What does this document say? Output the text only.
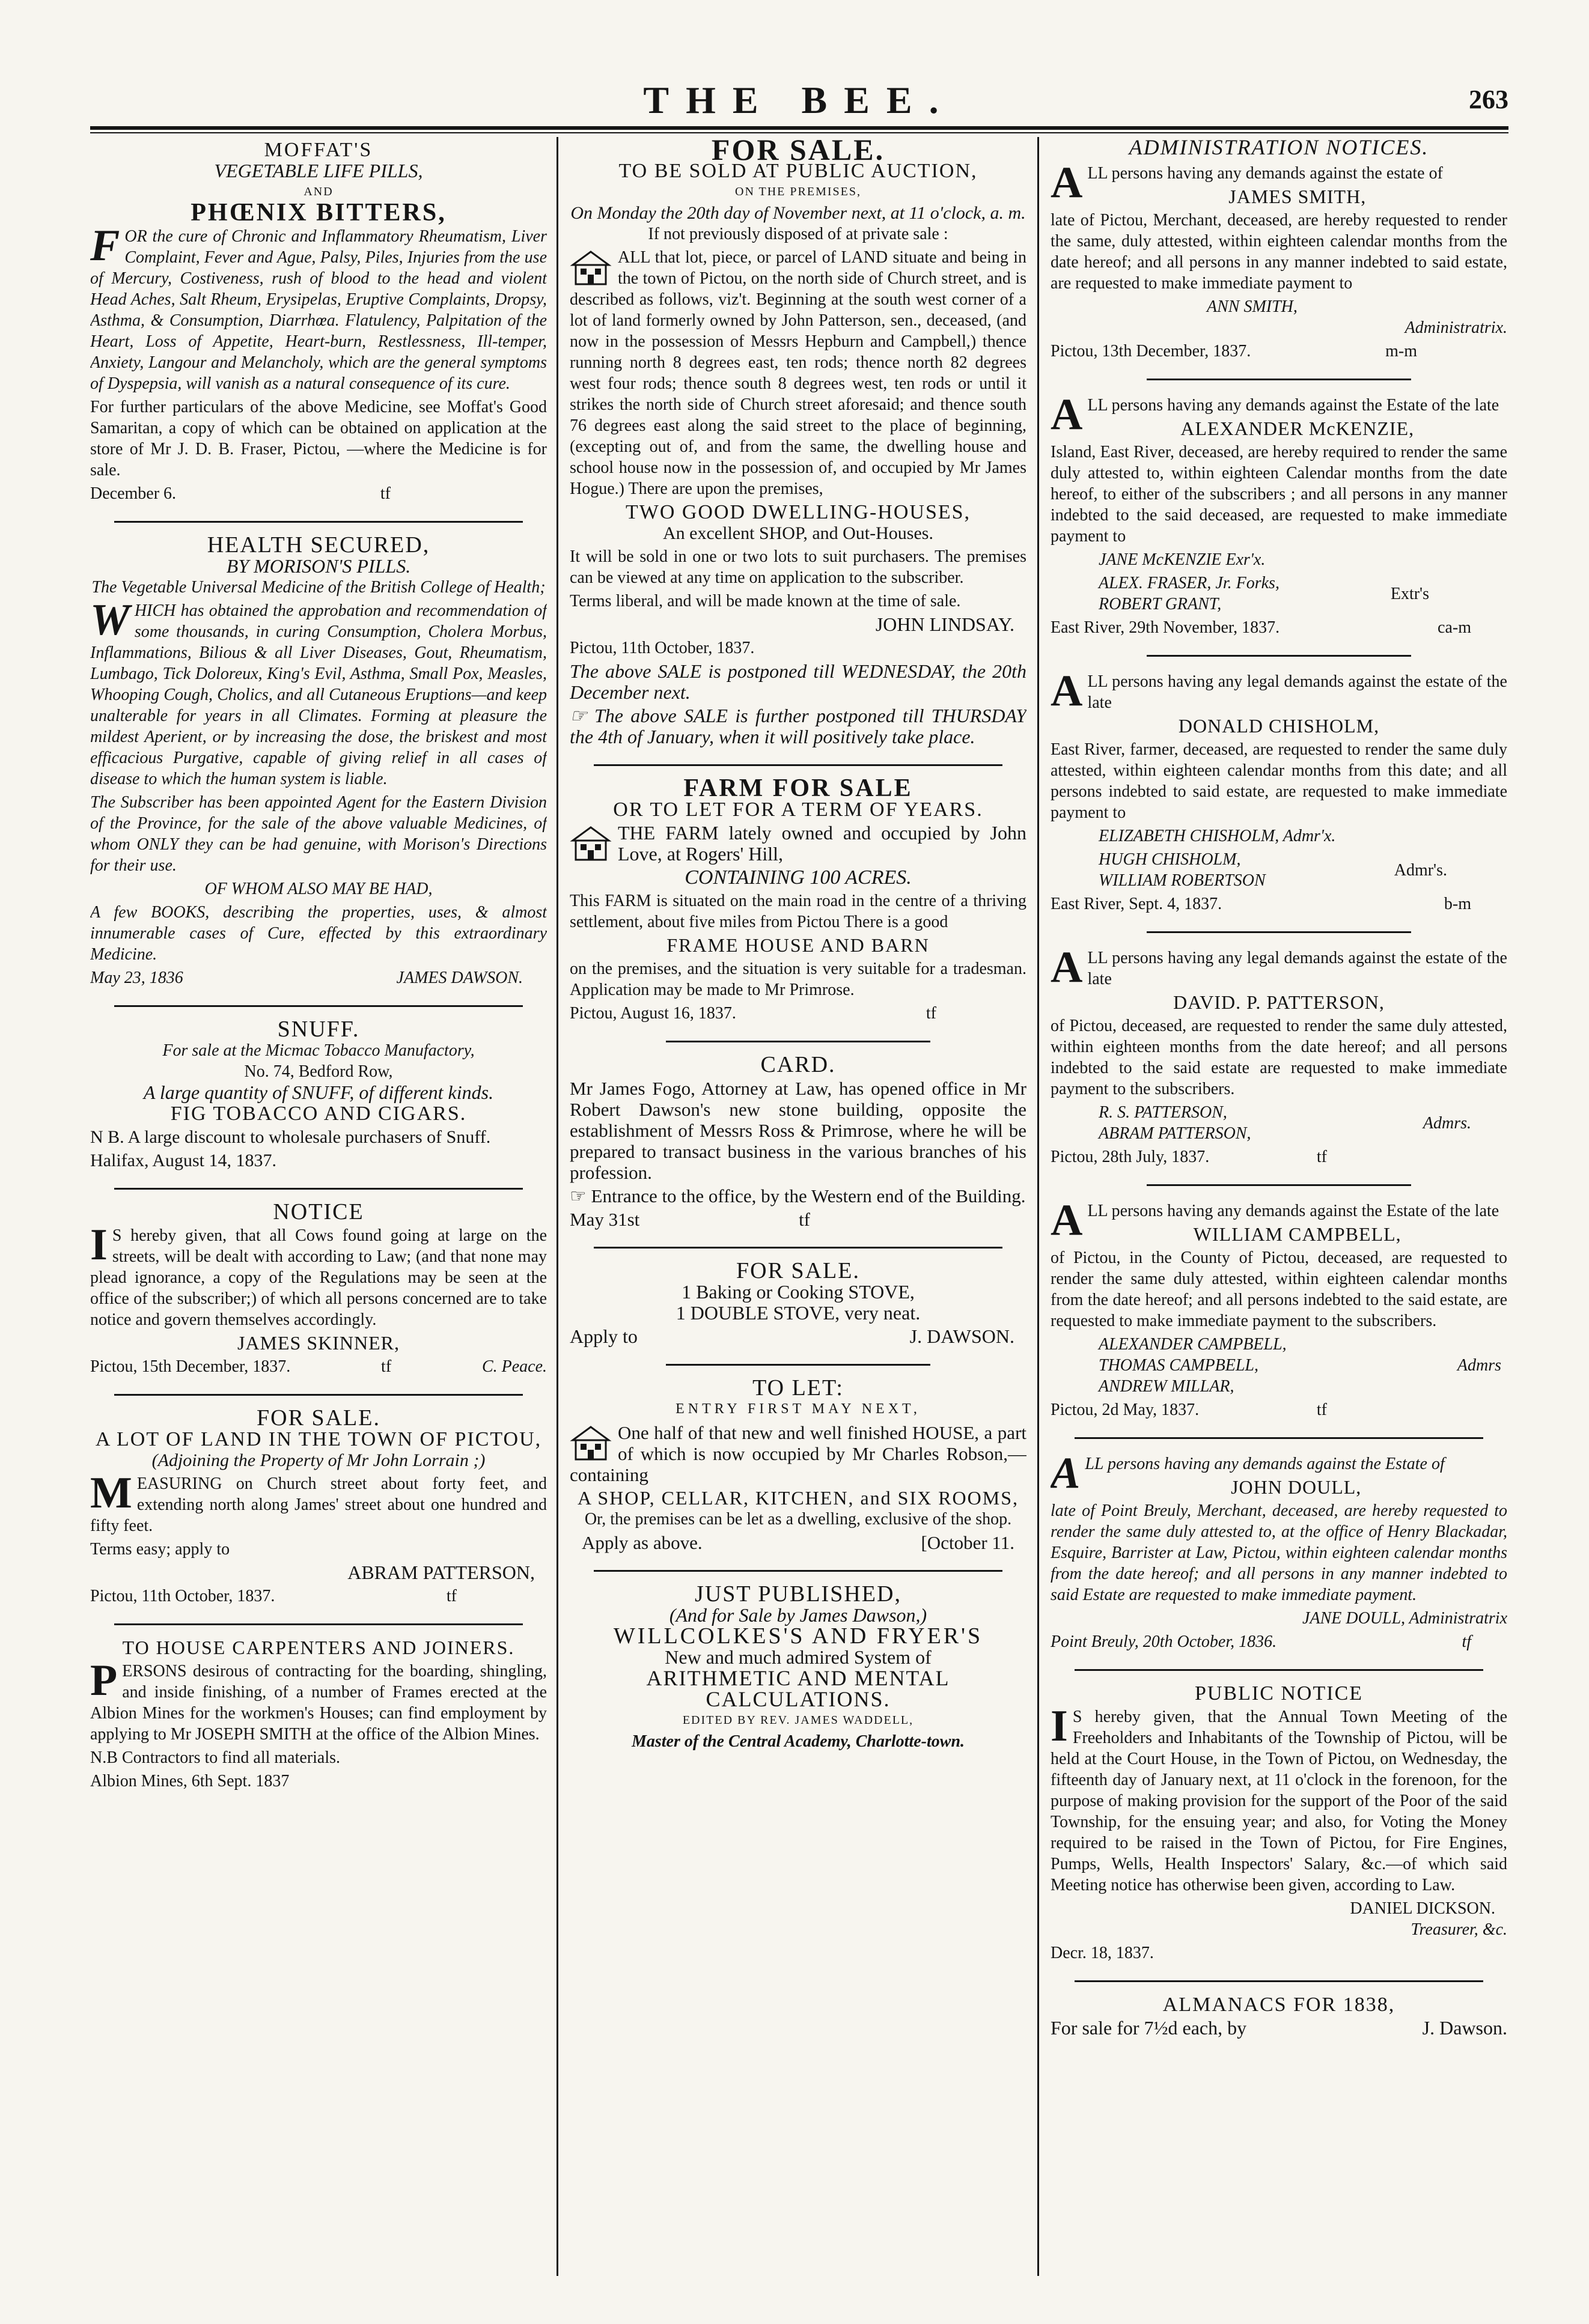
THE BEE.	263
MOFFAT'S
VEGETABLE LIFE PILLS,
AND
PHŒNIX BITTERS,
FOR the cure of Chronic and Inflammatory Rheumatism, Liver Complaint, Fever and Ague, Palsy, Piles, Injuries from the use of Mercury, Costiveness, rush of blood to the head and violent Head Aches, Salt Rheum, Erysipelas, Eruptive Complaints, Dropsy, Asthma, & Consumption, Diarrhœa. Flatulency, Palpitation of the Heart, Loss of Appetite, Heart-burn, Restlessness, Ill-temper, Anxiety, Langour and Melancholy, which are the general symptoms of Dyspepsia, will vanish as a natural consequence of its cure.
For further particulars of the above Medicine, see Moffat's Good Samaritan, a copy of which can be obtained on application at the store of Mr J. D. B. Fraser, Pictou, —where the Medicine is for sale.
December 6.	tf
HEALTH SECURED,
BY MORISON'S PILLS.
The Vegetable Universal Medicine of the British College of Health;
WHICH has obtained the approbation and recommendation of some thousands, in curing Consumption, Cholera Morbus, Inflammations, Bilious & all Liver Diseases, Gout, Rheumatism, Lumbago, Tick Doloreux, King's Evil, Asthma, Small Pox, Measles, Whooping Cough, Cholics, and all Cutaneous Eruptions—and keep unalterable for years in all Climates. Forming at pleasure the mildest Aperient, or by increasing the dose, the briskest and most efficacious Purgative, capable of giving relief in all cases of disease to which the human system is liable.
The Subscriber has been appointed Agent for the Eastern Division of the Province, for the sale of the above valuable Medicines, of whom ONLY they can be had genuine, with Morison's Directions for their use.
OF WHOM ALSO MAY BE HAD,
A few BOOKS, describing the properties, uses, & almost innumerable cases of Cure, effected by this extraordinary Medicine.
May 23, 1836	JAMES DAWSON.
SNUFF.
For sale at the Micmac Tobacco Manufactory,
No. 74, Bedford Row,
A large quantity of SNUFF, of different kinds.
FIG TOBACCO AND CIGARS.
N B. A large discount to wholesale purchasers of Snuff.
Halifax, August 14, 1837.
NOTICE
I S hereby given, that all Cows found going at large on the streets, will be dealt with according to Law; (and that none may plead ignorance, a copy of the Regulations may be seen at the office of the subscriber;) of which all persons concerned are to take notice and govern themselves accordingly.
JAMES SKINNER,
Pictou, 15th December, 1837.	tf	C. Peace.
FOR SALE.
A LOT OF LAND IN THE TOWN OF PICTOU,
(Adjoining the Property of Mr John Lorrain ;)
MEASURING on Church street about forty feet, and extending north along James' street about one hundred and fifty feet.
Terms easy; apply to
ABRAM PATTERSON,
Pictou, 11th October, 1837.	tf
TO HOUSE CARPENTERS AND JOINERS.
PERSONS desirous of contracting for the boarding, shingling, and inside finishing, of a number of Frames erected at the Albion Mines for the workmen's Houses; can find employment by applying to Mr JOSEPH SMITH at the office of the Albion Mines.
N.B Contractors to find all materials.
Albion Mines, 6th Sept. 1837
FOR SALE.
TO BE SOLD AT PUBLIC AUCTION,
ON THE PREMISES,
On Monday the 20th day of November next, at 11 o'clock, a. m.
If not previously disposed of at private sale :
ALL that lot, piece, or parcel of LAND situate and being in the town of Pictou, on the north side of Church street, and is described as follows, viz't. Beginning at the south west corner of a lot of land formerly owned by John Patterson, sen., deceased, (and now in the possession of Messrs Hepburn and Campbell,) thence running north 8 degrees east, ten rods; thence north 82 degrees west four rods; thence south 8 degrees west, ten rods or until it strikes the north side of Church street aforesaid; and thence south 76 degrees east along the said street to the place of beginning, (excepting out of, and from the same, the dwelling house and school house now in the possession of, and occupied by Mr James Hogue.) There are upon the premises,
TWO GOOD DWELLING-HOUSES,
An excellent SHOP, and Out-Houses.
It will be sold in one or two lots to suit purchasers. The premises can be viewed at any time on application to the subscriber.
Terms liberal, and will be made known at the time of sale.
JOHN LINDSAY.
Pictou, 11th October, 1837.
The above SALE is postponed till WEDNESDAY, the 20th December next.
☞ The above SALE is further postponed till THURSDAY the 4th of January, when it will positively take place.
FARM FOR SALE
OR TO LET FOR A TERM OF YEARS.
THE FARM lately owned and occupied by John Love, at Rogers' Hill,
CONTAINING 100 ACRES.
This FARM is situated on the main road in the centre of a thriving settlement, about five miles from Pictou There is a good
FRAME HOUSE AND BARN
on the premises, and the situation is very suitable for a tradesman. Application may be made to Mr Primrose.
Pictou, August 16, 1837.	tf
CARD.
Mr James Fogo, Attorney at Law, has opened office in Mr Robert Dawson's new stone building, opposite the establishment of Messrs Ross & Primrose, where he will be prepared to transact business in the various branches of his profession.
☞ Entrance to the office, by the Western end of the Building.
May 31st	tf
FOR SALE.
1 Baking or Cooking STOVE,
1 DOUBLE STOVE, very neat.
Apply to	J. DAWSON.
TO LET:
ENTRY FIRST MAY NEXT,
One half of that new and well finished HOUSE, a part of which is now occupied by Mr Charles Robson,—containing
A SHOP, CELLAR, KITCHEN, and SIX ROOMS,
Or, the premises can be let as a dwelling, exclusive of the shop.
Apply as above.	[October 11.
JUST PUBLISHED,
(And for Sale by James Dawson,)
WILLCOLKES'S AND FRYER'S
New and much admired System of
ARITHMETIC AND MENTAL CALCULATIONS.
EDITED BY REV. JAMES WADDELL,
Master of the Central Academy, Charlotte-town.
ADMINISTRATION NOTICES.
ALL persons having any demands against the estate of
JAMES SMITH,
late of Pictou, Merchant, deceased, are hereby requested to render the same, duly attested, within eighteen calendar months from the date hereof; and all persons in any manner indebted to said estate, are requested to make immediate payment to
ANN SMITH,
Administratrix.
Pictou, 13th December, 1837.	m-m
ALL persons having any demands against the Estate of the late
ALEXANDER McKENZIE,
Island, East River, deceased, are hereby required to render the same duly attested to, within eighteen Calendar months from the date hereof, to either of the subscribers ; and all persons in any manner indebted to the said deceased, are requested to make immediate payment to
JANE McKENZIE Exr'x.
ALEX. FRASER, Jr. Forks,
ROBERT GRANT,
Extr's
East River, 29th November, 1837.	ca-m
ALL persons having any legal demands against the estate of the late
DONALD CHISHOLM,
East River, farmer, deceased, are requested to render the same duly attested, within eighteen calendar months from this date; and all persons indebted to said estate, are requested to make immediate payment to
ELIZABETH CHISHOLM, Admr'x.
HUGH CHISHOLM,
WILLIAM ROBERTSON
Admr's.
East River, Sept. 4, 1837.	b-m
ALL persons having any legal demands against the estate of the late
DAVID. P. PATTERSON,
of Pictou, deceased, are requested to render the same duly attested, within eighteen months from the date hereof; and all persons indebted to the said estate are requested to make immediate payment to the subscribers.
R. S. PATTERSON,
ABRAM PATTERSON,
Admrs.
Pictou, 28th July, 1837.	tf
ALL persons having any demands against the Estate of the late
WILLIAM CAMPBELL,
of Pictou, in the County of Pictou, deceased, are requested to render the same duly attested, within eighteen calendar months from the date hereof; and all persons indebted to the said estate, are requested to make immediate payment to the subscribers.
ALEXANDER CAMPBELL,
THOMAS CAMPBELL,
ANDREW MILLAR,
Admrs
Pictou, 2d May, 1837.	tf
ALL persons having any demands against the Estate of
JOHN DOULL,
late of Point Breuly, Merchant, deceased, are hereby requested to render the same duly attested to, at the office of Henry Blackadar, Esquire, Barrister at Law, Pictou, within eighteen calendar months from the date hereof; and all persons in any manner indebted to said Estate are requested to make immediate payment.
JANE DOULL, Administratrix
Point Breuly, 20th October, 1836.	tf
PUBLIC NOTICE
I S hereby given, that the Annual Town Meeting of the Freeholders and Inhabitants of the Township of Pictou, will be held at the Court House, in the Town of Pictou, on Wednesday, the fifteenth day of January next, at 11 o'clock in the forenoon, for the purpose of making provision for the support of the Poor of the said Township, for the ensuing year; and also, for Voting the Money required to be raised in the Town of Pictou, for Fire Engines, Pumps, Wells, Health Inspectors' Salary, &c.—of which said Meeting notice has otherwise been given, according to Law.
DANIEL DICKSON.
Treasurer, &c.
Decr. 18, 1837.
ALMANACS FOR 1838,
For sale for 7½d each, by	J. Dawson.
